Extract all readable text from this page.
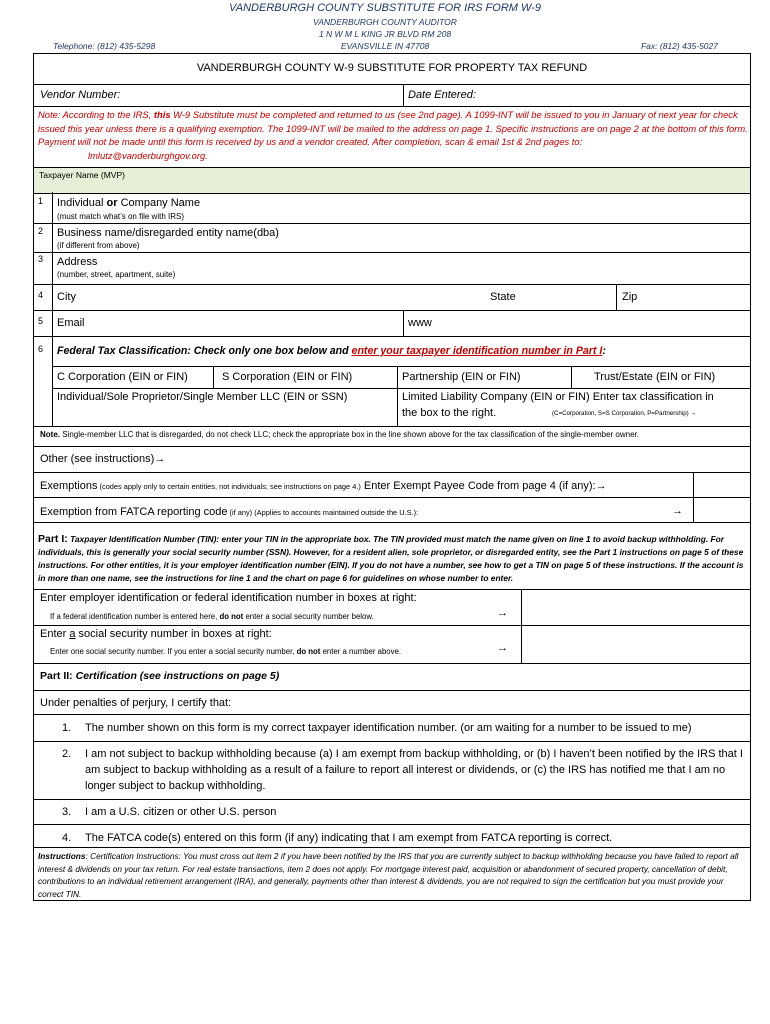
VANDERBURGH COUNTY SUBSTITUTE FOR IRS FORM W-9
VANDERBURGH COUNTY AUDITOR
1 N W M L KING JR BLVD RM 208
EVANSVILLE IN 47708
Telephone: (812) 435-5298	Fax: (812) 435-5027
VANDERBURGH COUNTY W-9 SUBSTITUTE FOR PROPERTY TAX REFUND
Vendor Number:	Date Entered:
Note: According to the IRS, this W-9 Substitute must be completed and returned to us (see 2nd page). A 1099-INT will be issued to you in January of next year for check issued this year unless there is a qualifying exemption. The 1099-INT will be mailed to the address on page 1. Specific instructions are on page 2 at the bottom of this form. Payment will not be made until this form is received by us and a vendor created. After completion, scan & email 1st & 2nd pages to: lmlutz@vanderburghgov.org.
Taxpayer Name (MVP)
1 Individual or Company Name
(must match what’s on file with IRS)
2 Business name/disregarded entity name(dba)
(if different from above)
3 Address
(number, street, apartment, suite)
4 City	State	Zip
5 Email	www
6 Federal Tax Classification: Check only one box below and enter your taxpayer identification number in Part I:
C Corporation (EIN or FIN)	S Corporation (EIN or FIN)	Partnership (EIN or FIN)	Trust/Estate (EIN or FIN)
Individual/Sole Proprietor/Single Member LLC (EIN or SSN)	Limited Liability Company (EIN or FIN) Enter tax classification in
the box to the right.	(C=Corporation, S=S Corporation, P=Partnership) →
Note. Single-member LLC that is disregarded, do not check LLC; check the appropriate box in the line shown above for the tax classification of the single-member owner.
Other (see instructions)→
Exemptions (codes apply only to certain entities, not individuals; see instructions on page 4.) Enter Exempt Payee Code from page 4 (if any):→
Exemption from FATCA reporting code (if any) (Applies to accounts maintained outside the U.S.):	→
Part I: Taxpayer Identification Number (TIN): enter your TIN in the appropriate box. The TIN provided must match the name given on line 1 to avoid backup withholding. For individuals, this is generally your social security number (SSN). However, for a resident alien, sole proprietor, or disregarded entity, see the Part 1 instructions on page 5 of these instructions. For other entities, it is your employer identification number (EIN). If you do not have a number, see how to get a TIN on page 5 of these instructions. If the account is in more than one name, see the instructions for line 1 and the chart on page 6 for guidelines on whose number to enter.
Enter employer identification or federal identification number in boxes at right:
If a federal identification number is entered here, do not enter a social security number below.	→
Enter a social security number in boxes at right:
Enter one social security number. If you enter a social security number, do not enter a number above.	→
Part II: Certification (see instructions on page 5)
Under penalties of perjury, I certify that:
1. The number shown on this form is my correct taxpayer identification number. (or am waiting for a number to be issued to me)
2. I am not subject to backup withholding because (a) I am exempt from backup withholding, or (b) I haven’t been notified by the IRS that I am subject to backup withholding as a result of a failure to report all interest or dividends, or (c) the IRS has notified me that I am no longer subject to backup withholding.
3. I am a U.S. citizen or other U.S. person
4. The FATCA code(s) entered on this form (if any) indicating that I am exempt from FATCA reporting is correct.
Instructions: Certification Instructions: You must cross out item 2 if you have been notified by the IRS that you are currently subject to backup withholding because you have failed to report all interest & dividends on your tax return. For real estate transactions, item 2 does not apply. For mortgage interest paid, acquisition or abandonment of secured property, cancellation of debit, contributions to an individual retirement arrangement (IRA), and generally, payments other than interest & dividends, you are not required to sign the certification but you must provide your correct TIN.
